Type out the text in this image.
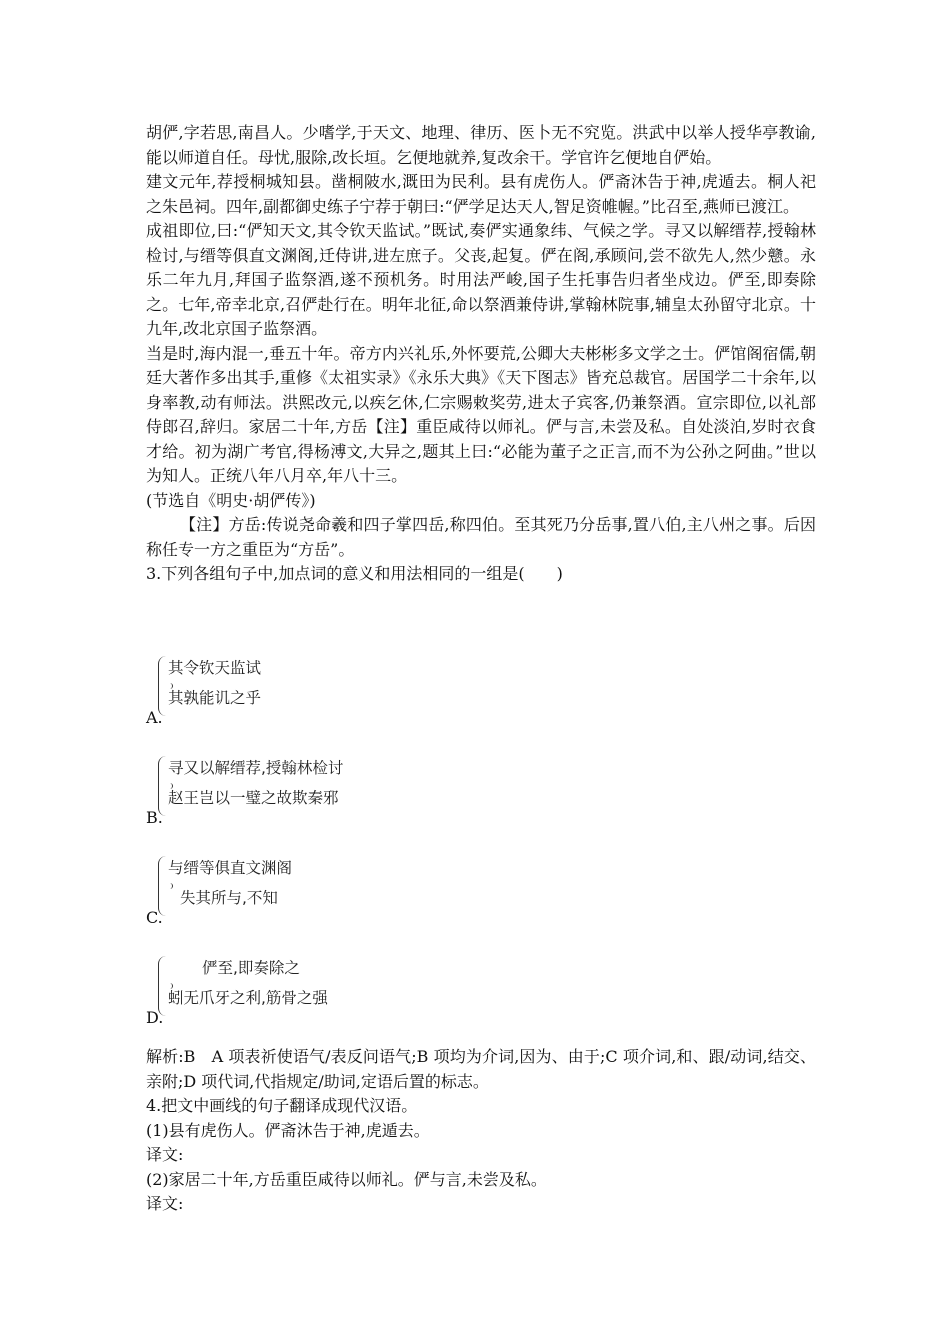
胡俨,字若思,南昌人。少嗜学,于天文、地理、律历、医卜无不究览。洪武中以举人授华亭教谕,能以师道自任。母忧,服除,改长垣。乞便地就养,复改余干。学官许乞便地自俨始。

建文元年,荐授桐城知县。凿桐陂水,溉田为民利。县有虎伤人。俨斋沐告于神,虎遁去。桐人祀之朱邑祠。四年,副都御史练子宁荐于朝曰:“俨学足达天人,智足资帷幄。”比召至,燕师已渡江。

成祖即位,曰:“俨知天文,其令钦天监试。”既试,奏俨实通象纬、气候之学。寻又以解缙荐,授翰林检讨,与缙等俱直文渊阁,迁侍讲,进左庶子。父丧,起复。俨在阁,承顾问,尝不欲先人,然少戆。永乐二年九月,拜国子监祭酒,遂不预机务。时用法严峻,国子生托事告归者坐戍边。俨至,即奏除之。七年,帝幸北京,召俨赴行在。明年北征,命以祭酒兼侍讲,掌翰林院事,辅皇太孙留守北京。十九年,改北京国子监祭酒。

当是时,海内混一,垂五十年。帝方内兴礼乐,外怀要荒,公卿大夫彬彬多文学之士。俨馆阁宿儒,朝廷大著作多出其手,重修《太祖实录》《永乐大典》《天下图志》皆充总裁官。居国学二十余年,以身率教,动有师法。洪熙改元,以疾乞休,仁宗赐敕奖劳,进太子宾客,仍兼祭酒。宣宗即位,以礼部侍郎召,辞归。家居二十年,方岳【注】重臣咸待以师礼。俨与言,未尝及私。自处淡泊,岁时衣食才给。初为湖广考官,得杨溥文,大异之,题其上曰:“必能为董子之正言,而不为公孙之阿曲。”世以为知人。正统八年八月卒,年八十三。

(节选自《明史·胡俨传》)

【注】方岳:传说尧命羲和四子掌四岳,称四伯。至其死乃分岳事,置八伯,主八州之事。后因称任专一方之重臣为“方岳”。

3.下列各组句子中,加点词的意义和用法相同的一组是(　　)

其令钦天监试
其孰能讥之乎
A.
寻又以解缙荐,授翰林检讨
赵王岂以一璧之故欺秦邪
B.
与缙等俱直文渊阁
失其所与,不知
C.
俨至,即奏除之
蚓无爪牙之利,筋骨之强
D.

解析:B　A 项表祈使语气/表反问语气;B 项均为介词,因为、由于;C 项介词,和、跟/动词,结交、亲附;D 项代词,代指规定/助词,定语后置的标志。

4.把文中画线的句子翻译成现代汉语。

(1)县有虎伤人。俨斋沐告于神,虎遁去。

译文:

(2)家居二十年,方岳重臣咸待以师礼。俨与言,未尝及私。

译文:
